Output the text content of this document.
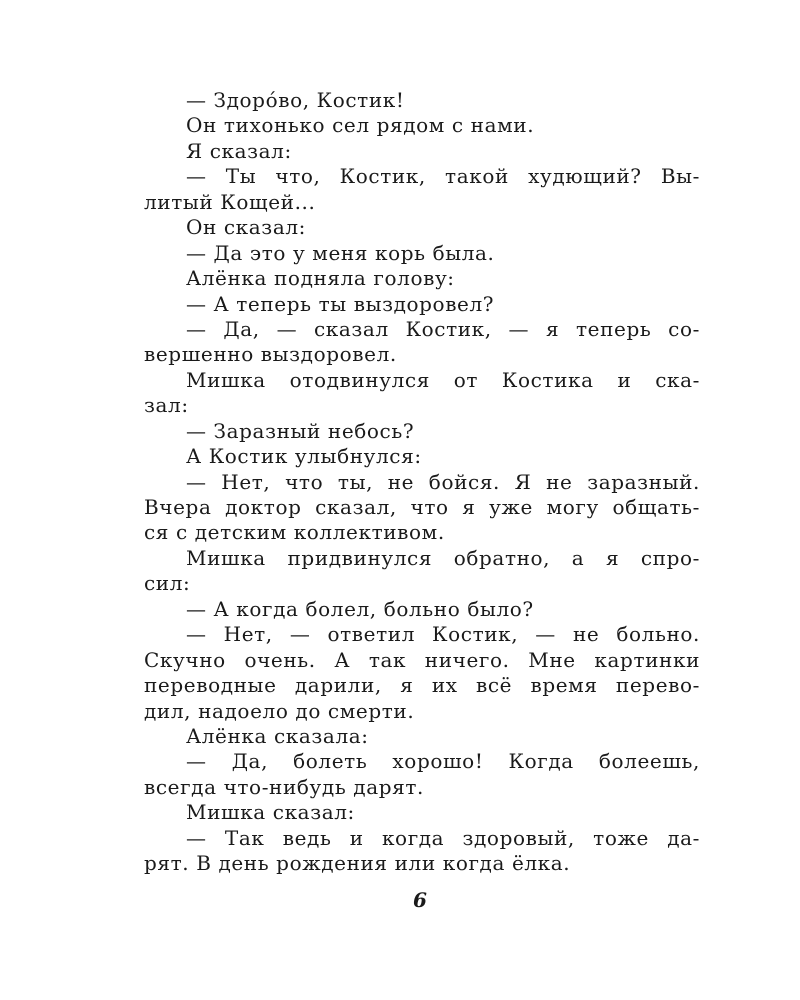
— Здорóво, Костик!
Он тихонько сел рядом с нами.
Я сказал:
— Ты что, Костик, такой худющий? Вы-
литый Кощей...
Он сказал:
— Да это у меня корь была.
Алёнка подняла голову:
— А теперь ты выздоровел?
— Да, — сказал Костик, — я теперь со-
вершенно выздоровел.
Мишка отодвинулся от Костика и ска-
зал:
— Заразный небось?
А Костик улыбнулся:
— Нет, что ты, не бойся. Я не заразный.
Вчера доктор сказал, что я уже могу общать-
ся с детским коллективом.
Мишка придвинулся обратно, а я спро-
сил:
— А когда болел, больно было?
— Нет, — ответил Костик, — не больно.
Скучно очень. А так ничего. Мне картинки
переводные дарили, я их всё время перево-
дил, надоело до смерти.
Алёнка сказала:
— Да, болеть хорошо! Когда болеешь,
всегда что-нибудь дарят.
Мишка сказал:
— Так ведь и когда здоровый, тоже да-
рят. В день рождения или когда ёлка.
6
